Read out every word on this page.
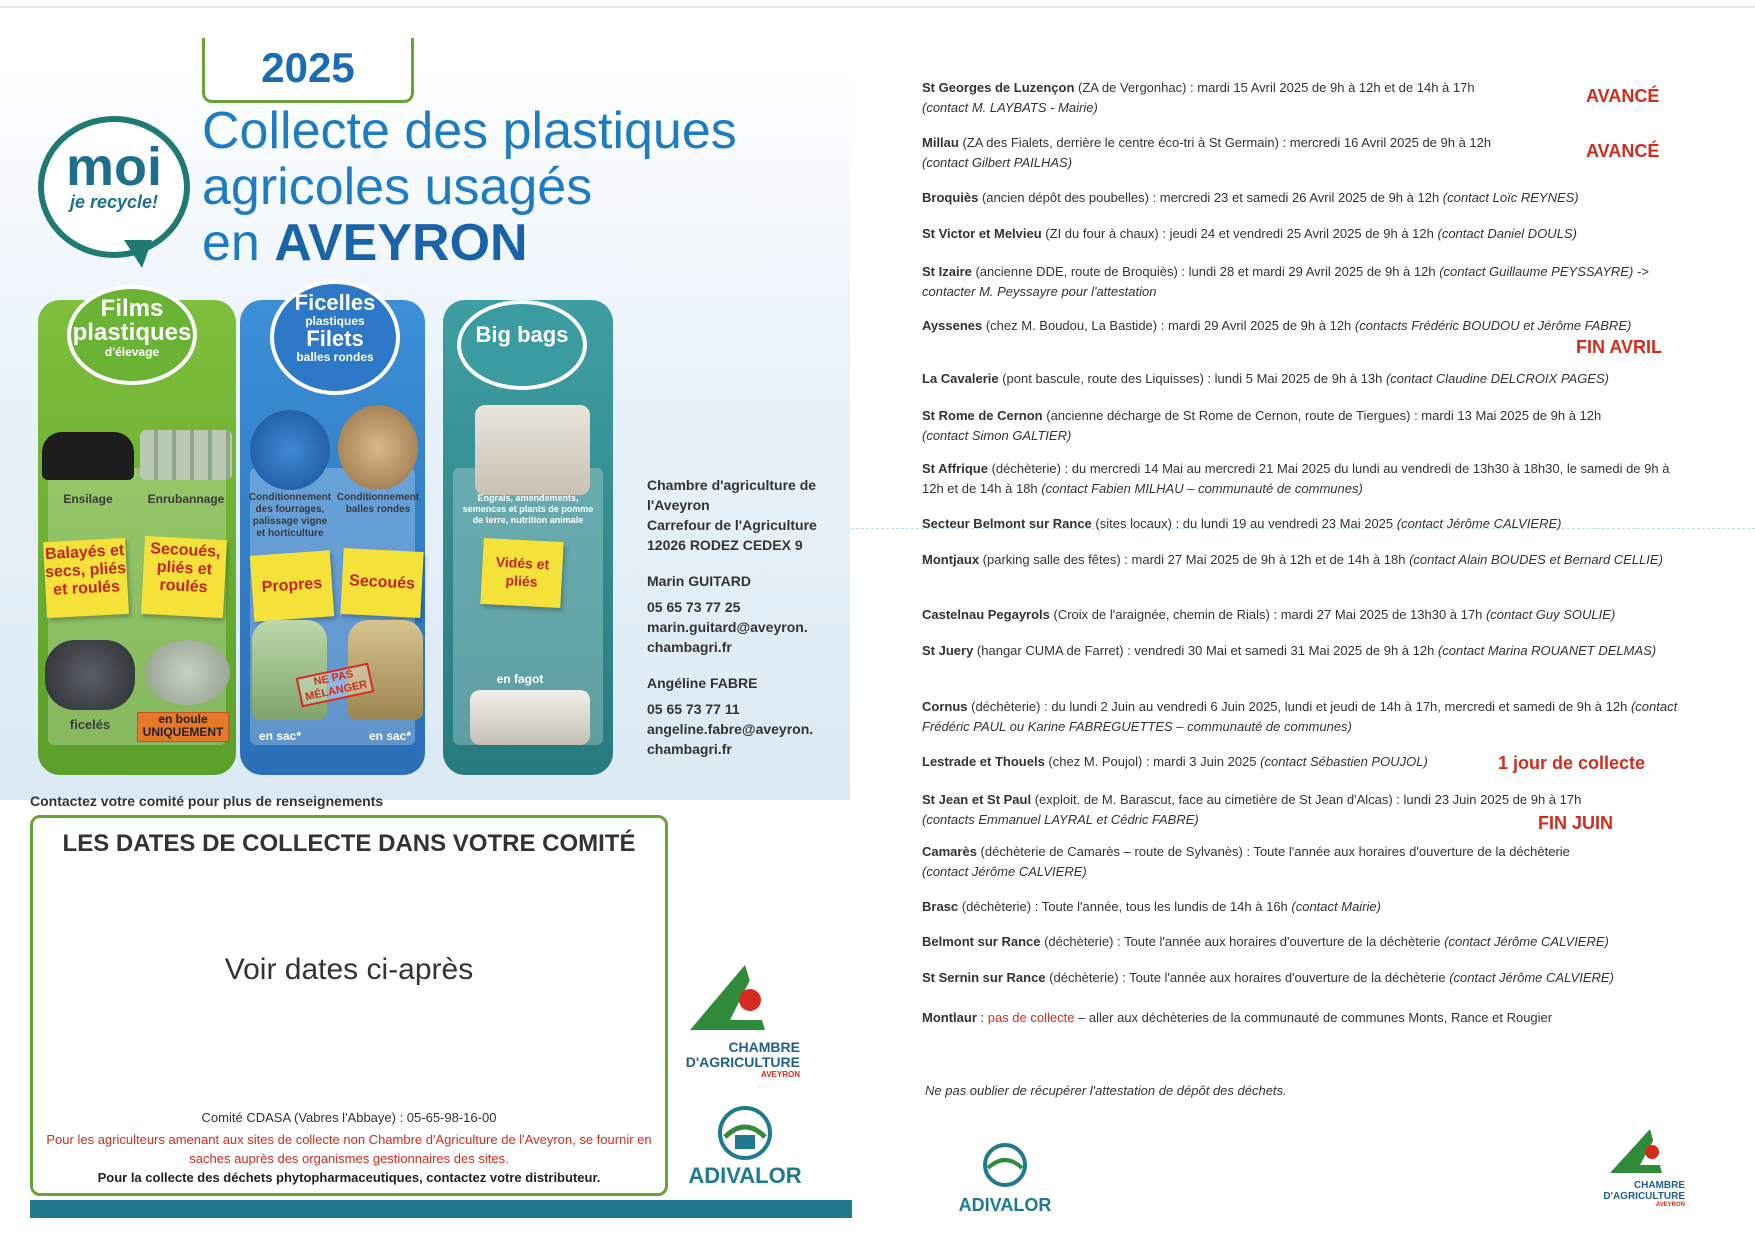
2025
Collecte des plastiques
agricoles usagés
en AVEYRON
moi
je recycle!
Films
plastiques
d'élevage
Ficelles
plastiques
Filets
balles rondes
Big bags
Ensilage	Enrubannage	Conditionnement des fourrages, palissage vigne et horticulture
Conditionnement balles rondes
Engrais, amendements, semences et plants de pomme de terre, nutrition animale
Balayés et secs, pliés et roulés
Secoués, pliés et roulés	Propres	Secoués
Vidés et pliés
ficelés	en boule
UNIQUEMENT
NE PAS MÉLANGER
en sac*	en sac*
en fagot
Chambre d'agriculture de
l'Aveyron
Carrefour de l'Agriculture
12026 RODEZ CEDEX 9
Marin GUITARD
05 65 73 77 25
marin.guitard@aveyron.
chambagri.fr
Angéline FABRE
05 65 73 77 11
angeline.fabre@aveyron.
chambagri.fr
Contactez votre comité pour plus de renseignements
LES DATES DE COLLECTE DANS VOTRE COMITÉ
Voir dates ci-après
Comité CDASA (Vabres l'Abbaye) : 05-65-98-16-00
Pour les agriculteurs amenant aux sites de collecte non Chambre d'Agriculture de l'Aveyron, se fournir en saches auprès des organismes gestionnaires des sites.
Pour la collecte des déchets phytopharmaceutiques, contactez votre distributeur.
CHAMBRE
D'AGRICULTURE
AVEYRON
ADIVALOR
St Georges de Luzençon (ZA de Vergonhac) : mardi 15 Avril 2025 de 9h à 12h et de 14h à 17h
(contact M. LAYBATS - Mairie)
Millau (ZA des Fialets, derrière le centre éco-tri à St Germain) : mercredi 16 Avril 2025 de 9h à 12h
(contact Gilbert PAILHAS)
Broquiès (ancien dépôt des poubelles) : mercredi 23 et samedi 26 Avril 2025 de 9h à 12h (contact Loïc REYNES)
St Victor et Melvieu (ZI du four à chaux) : jeudi 24 et vendredi 25 Avril 2025 de 9h à 12h (contact Daniel DOULS)
St Izaire (ancienne DDE, route de Broquiès) : lundi 28 et mardi 29 Avril 2025 de 9h à 12h (contact Guillaume PEYSSAYRE) -> contacter M. Peyssayre pour l'attestation
Ayssenes (chez M. Boudou, La Bastide) : mardi 29 Avril 2025 de 9h à 12h (contacts Frédéric BOUDOU et Jérôme FABRE)
La Cavalerie (pont bascule, route des Liquisses) : lundi 5 Mai 2025 de 9h à 13h (contact Claudine DELCROIX PAGES)
St Rome de Cernon (ancienne décharge de St Rome de Cernon, route de Tiergues) : mardi 13 Mai 2025 de 9h à 12h
(contact Simon GALTIER)
St Affrique (déchèterie) : du mercredi 14 Mai au mercredi 21 Mai 2025 du lundi au vendredi de 13h30 à 18h30, le samedi de 9h à 12h et de 14h à 18h (contact Fabien MILHAU – communauté de communes)
Secteur Belmont sur Rance (sites locaux) : du lundi 19 au vendredi 23 Mai 2025 (contact Jérôme CALVIERE)
Montjaux (parking salle des fêtes) : mardi 27 Mai 2025 de 9h à 12h et de 14h à 18h (contact Alain BOUDES et Bernard CELLIE)
Castelnau Pegayrols (Croix de l'araignée, chemin de Rials) : mardi 27 Mai 2025 de 13h30 à 17h (contact Guy SOULIE)
St Juery (hangar CUMA de Farret) : vendredi 30 Mai et samedi 31 Mai 2025 de 9h à 12h (contact Marina ROUANET DELMAS)
Cornus (déchèterie) : du lundi 2 Juin au vendredi 6 Juin 2025, lundi et jeudi de 14h à 17h, mercredi et samedi de 9h à 12h (contact Frédéric PAUL ou Karine FABREGUETTES – communauté de communes)
Lestrade et Thouels (chez M. Poujol) : mardi 3 Juin 2025 (contact Sébastien POUJOL)
St Jean et St Paul (exploit. de M. Barascut, face au cimetière de St Jean d'Alcas) : lundi 23 Juin 2025 de 9h à 17h
(contacts Emmanuel LAYRAL et Cédric FABRE)
Camarès (déchèterie de Camarès – route de Sylvanès) : Toute l'année aux horaires d'ouverture de la déchèterie
(contact Jérôme CALVIERE)
Brasc (déchèterie) : Toute l'année, tous les lundis de 14h à 16h (contact Mairie)
Belmont sur Rance (déchèterie) : Toute l'année aux horaires d'ouverture de la déchèterie (contact Jérôme CALVIERE)
St Sernin sur Rance (déchèterie) : Toute l'année aux horaires d'ouverture de la déchèterie (contact Jérôme CALVIERE)
Montlaur : pas de collecte – aller aux déchèteries de la communauté de communes Monts, Rance et Rougier
AVANCÉ
AVANCÉ
FIN AVRIL
1 jour de collecte
FIN JUIN
Ne pas oublier de récupérer l'attestation de dépôt des déchets.
ADIVALOR
CHAMBRE
D'AGRICULTURE
AVEYRON
